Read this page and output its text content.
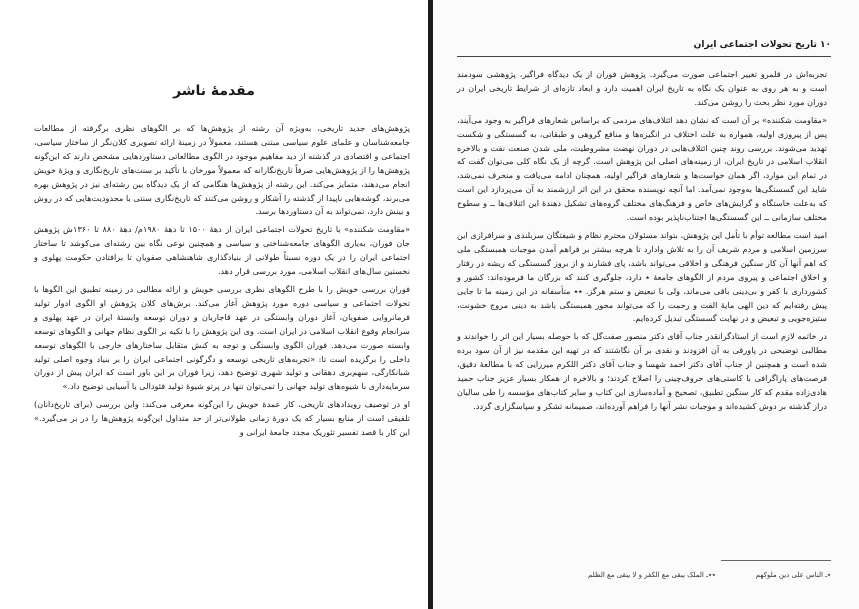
مقدمهٔ ناشر

پژوهش‌های جدید تاریخی، به‌ویژه آن رشته از پژوهش‌ها که بر الگوهای نظری برگرفته از مطالعات جامعه‌شناسان و علمای علوم سیاسی مبتنی هستند، معمولاً در زمینهٔ ارائه تصویری کلان‌نگر از ساختار سیاسی، اجتماعی و اقتصادی در گذشته از دید مفاهیم موجود در الگوی مطالعاتی دستاوردهایی مشخص دارند که این‌گونه پژوهش‌ها را از پژوهش‌هایی صرفاً تاریخ‌نگارانه که معمولاً مورخان با تأکید بر سنت‌های تاریخ‌نگاری و ویژهٔ خویش انجام می‌دهند، متمایز می‌کند. این رشته از پژوهش‌ها هنگامی که از یک دیدگاه بین رشته‌ای نیز در پژوهش بهره می‌برند، گوشه‌هایی ناپیدا از گذشته را آشکار و روشن می‌کنند که تاریخ‌نگاری سنتی با محدودیت‌هایی که در روش و بینش دارد، نمی‌تواند به آن دستاوردها برسد.

«مقاومت شکننده» با تاریخ تحولات اجتماعی ایران از دههٔ ۱۵۰۰ تا دههٔ ۱۹۸۰م/ دههٔ ۸۸۰ تا ۱۳۶۰ش پژوهش جان فوران، به‌یاری الگوهای جامعه‌شناختی و سیاسی و همچنین نوعی نگاه بین رشته‌ای می‌کوشد تا ساختار اجتماعی ایران را در یک دوره نسبتاً طولانی از بنیادگذاری شاهنشاهی صفویان تا برافتادن حکومت پهلوی و نخستین سال‌های انقلاب اسلامی، مورد بررسی قرار دهد.

فوران بررسی خویش را با طرح الگوهای نظری بررسی خویش و ارائه مطالبی در زمینه تطبیق این الگوها با تحولات اجتماعی و سیاسی دوره مورد پژوهش آغاز می‌کند. برش‌های کلان پژوهش او الگوی ادوار تولید فرمانروایی صفویان، آغاز دوران وابستگی در عهد قاجاریان و دوران توسعه وابستهٔ ایران در عهد پهلوی و سرانجام وقوع انقلاب اسلامی در ایران است. وی این پژوهش را با تکیه بر الگوی نظام جهانی و الگوهای توسعه وابسته صورت می‌دهد. فوران الگوی وابستگی و توجه به کنش متقابل ساختارهای خارجی با الگوهای توسعه داخلی را برگزیده است تا: «تجربه‌های تاریخی توسعه و دگرگونی اجتماعی ایران را بر بنیاد وجوه اصلی تولید شبانکارگی، سهم‌بری دهقانی و تولید شهری توضیح دهد، زیرا فوران بر این باور است که ایران پیش از دوران سرمایه‌داری با شیوه‌های تولید جهانی را تمی‌توان تنها در پرتو شیوهٔ تولید فئودالی یا آسیایی توضیح داد.»

او در توصیف رویدادهای تاریخی، کار عمدهٔ خویش را این‌گونه معرفی می‌کند: واین بررسی (برای تاریخ‌دانان) تلفیقی است از منابع بسیار که یک دورهٔ زمانی طولانی‌تر از حد متداول این‌گونه پژوهش‌ها را در بر می‌گیرد.» این کار با قصد تفسیر تئوریک مجدد جامعهٔ ایرانی و

۱۰ تاریخ تحولات اجتماعی ایران

تجربه‌اش در قلمرو تغییر اجتماعی صورت می‌گیرد. پژوهش فوران از یک دیدگاه فراگیر، پژوهشی سودمند است و به هر روی به عنوان یک نگاه به تاریخ ایران اهمیت دارد و ابعاد تازه‌ای از شرایط تاریخی ایران در دوران مورد نظر بحث را روشن می‌کند.

«مقاومت شکننده» بر آن است که نشان دهد ائتلاف‌های مردمی که براساس شعارهای فراگیر به وجود می‌آیند، پس از پیروزی اولیه، همواره به علت اختلاف در انگیزه‌ها و منافع گروهی و طبقاتی، به گسستگی و شکست تهدید می‌شوند. بررسی روند چنین ائتلاف‌هایی در دوران نهضت مشروطیت، ملی شدن صنعت نفت و بالاخره انقلاب اسلامی در تاریخ ایران، از زمینه‌های اصلی این پژوهش است. گرچه از یک نگاه کلی می‌توان گفت که در تمام این موارد، اگر همان خواست‌ها و شعارهای فراگیر اولیه، همچنان ادامه می‌یافت و منحرف نمی‌شد، شاید این گسستگی‌ها به‌وجود نمی‌آمد. اما آنچه نویسنده محقق در این اثر ارزشمند به آن می‌پردازد این است که به‌علت خاستگاه و گرایش‌های خاص و فرهنگ‌های مختلف گروه‌های تشکیل دهندهٔ این ائتلاف‌ها ــ و سطوح مختلف سازمانی ــ این گسستگی‌ها اجتناب‌ناپذیر بوده است.

امید است مطالعه توأم با تأمل این پژوهش، بتواند مسئولان محترم نظام و شیفتگان سربلندی و سرافرازی این سرزمین اسلامی و مردم شریف آن را به تلاش وادارد تا هرچه بیشتر بر فراهم آمدن موجبات همبستگی ملی که اهم آنها آن کار سنگین فرهنگی و اخلاقی می‌تواند باشد، پای فشارند و از بروز گسستگی که ریشه در رفتار و اخلاق اجتماعی و پیروی مردم از الگوهای جامعه‌ٔ ٭ دارد، جلوگیری کنند که بزرگان ما فرموده‌اند: کشور و کشورداری با کفر و بی‌دینی باقی می‌ماند، ولی با تبعیض و ستم هرگز. ٭٭ متأسفانه در این زمینه ما تا جایی پیش رفته‌ایم که دین الهی مایهٔ الفت و رحمت را که می‌تواند محور همبستگی باشد به دینی مروج خشونت، ستیزه‌جویی و تبعیض و در نهایت گسستگی تبدیل کرده‌ایم.

در خاتمه لازم است از استادگرانقدر جناب آقای دکتر منصور صفت‌گل که با حوصله بسیار این اثر را خواندند و مطالبی توضیحی در پاورقی به آن افزودند و نقدی بر آن نگاشتند که در تهیه این مقدمه نیز از آن سود برده شده است و همچنین از جناب آقای دکتر احمد شهسا و جناب آقای دکتر اللکرم میرزایی که با مطالعهٔ دقیق، فرصت‌های پاراگرافی با کاستی‌های حروف‌چینی را اصلاح کردند؛ و بالاخره از همکار بسیار عزیز جناب حمید هادی‌زاده مقدم که کار سنگین تطبیق، تصحیح و آماده‌سازی این کتاب و سایر کتاب‌های مؤسسه را طی سالیان دراز گذشته بر دوش کشیده‌اند و موجبات نشر آنها را فراهم آورده‌اند، صمیمانه تشکر و سپاسگزاری گردد.

٭ـ الناس علی دین ملوکهم
٭٭ـ الملک یبقی مع الکفر و لا یبقی مع الظلم
